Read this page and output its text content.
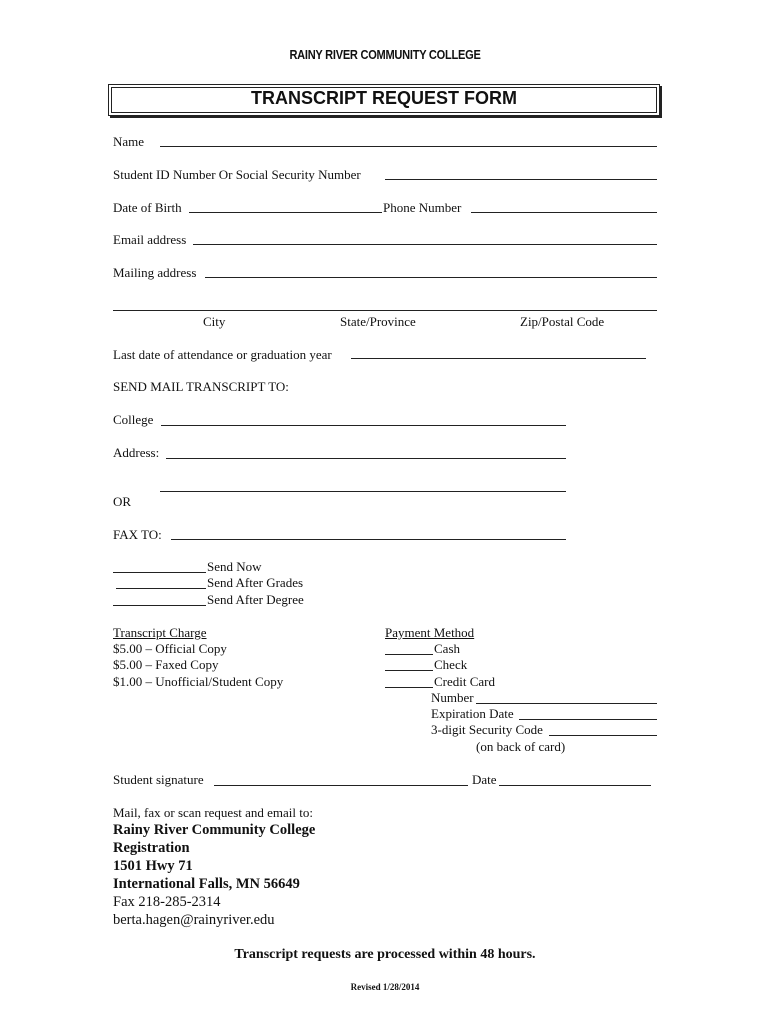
RAINY RIVER COMMUNITY COLLEGE
TRANSCRIPT REQUEST FORM
Name
Student ID Number Or Social Security Number
Date of Birth	Phone Number
Email address
Mailing address
City	State/Province	Zip/Postal Code
Last date of attendance or graduation year
SEND MAIL TRANSCRIPT TO:
College
Address:
OR
FAX TO:
Send Now
Send After Grades
Send After Degree
Transcript Charge
$5.00 – Official Copy
$5.00 – Faxed Copy
$1.00 – Unofficial/Student Copy
Payment Method
Cash
Check
Credit Card
Number
Expiration Date
3-digit Security Code
(on back of card)
Student signature	Date
Mail, fax or scan request and email to:
Rainy River Community College
Registration
1501 Hwy 71
International Falls, MN 56649
Fax 218-285-2314
berta.hagen@rainyriver.edu
Transcript requests are processed within 48 hours.
Revised 1/28/2014
